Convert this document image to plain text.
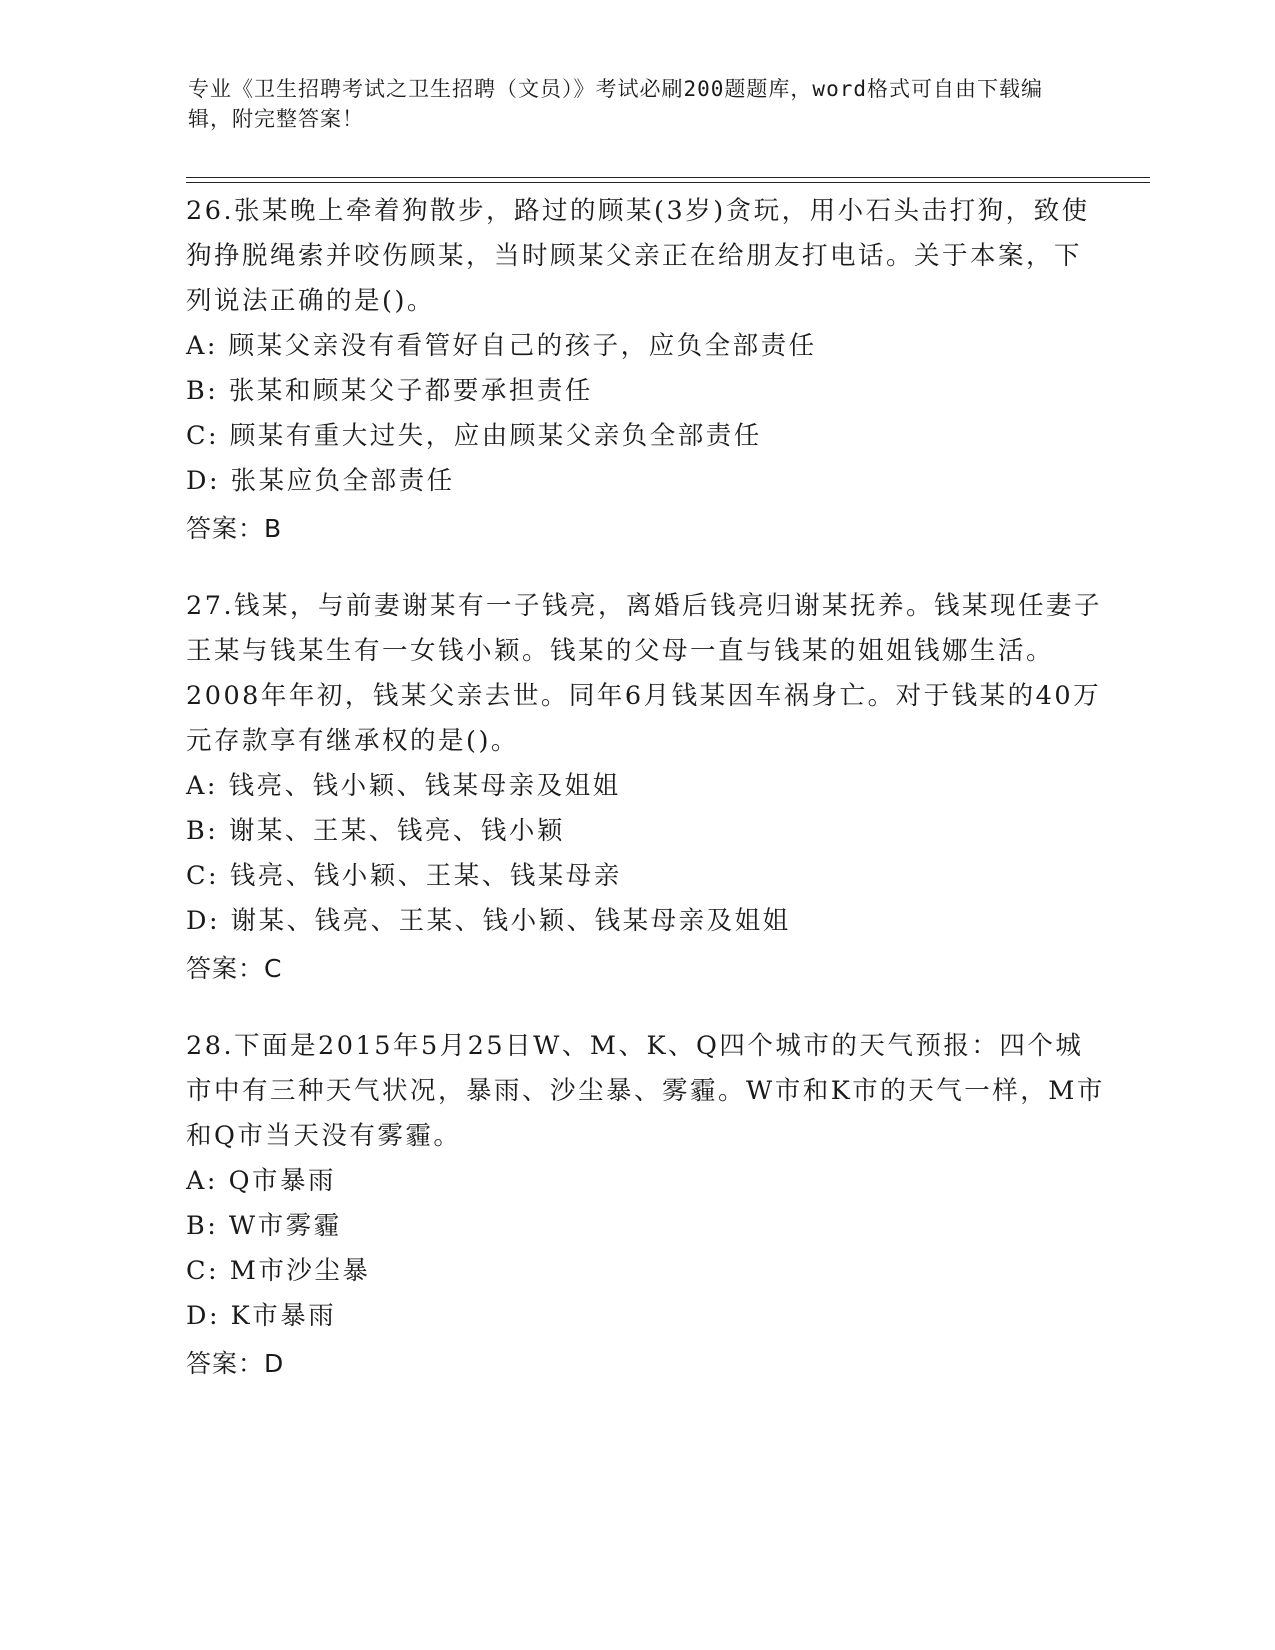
专业《卫生招聘考试之卫生招聘（文员）》考试必刷200题题库，word格式可自由下载编辑，附完整答案！
26.张某晚上牵着狗散步，路过的顾某(3岁)贪玩，用小石头击打狗，致使狗挣脱绳索并咬伤顾某，当时顾某父亲正在给朋友打电话。关于本案，下列说法正确的是()。
A: 顾某父亲没有看管好自己的孩子，应负全部责任
B: 张某和顾某父子都要承担责任
C: 顾某有重大过失，应由顾某父亲负全部责任
D: 张某应负全部责任
答案：B
27.钱某，与前妻谢某有一子钱亮，离婚后钱亮归谢某抚养。钱某现任妻子王某与钱某生有一女钱小颖。钱某的父母一直与钱某的姐姐钱娜生活。2008年年初，钱某父亲去世。同年6月钱某因车祸身亡。对于钱某的40万元存款享有继承权的是()。
A: 钱亮、钱小颖、钱某母亲及姐姐
B: 谢某、王某、钱亮、钱小颖
C: 钱亮、钱小颖、王某、钱某母亲
D: 谢某、钱亮、王某、钱小颖、钱某母亲及姐姐
答案：C
28.下面是2015年5月25日W、M、K、Q四个城市的天气预报：四个城市中有三种天气状况，暴雨、沙尘暴、雾霾。W市和K市的天气一样，M市和Q市当天没有雾霾。
A: Q市暴雨
B: W市雾霾
C: M市沙尘暴
D: K市暴雨
答案：D
